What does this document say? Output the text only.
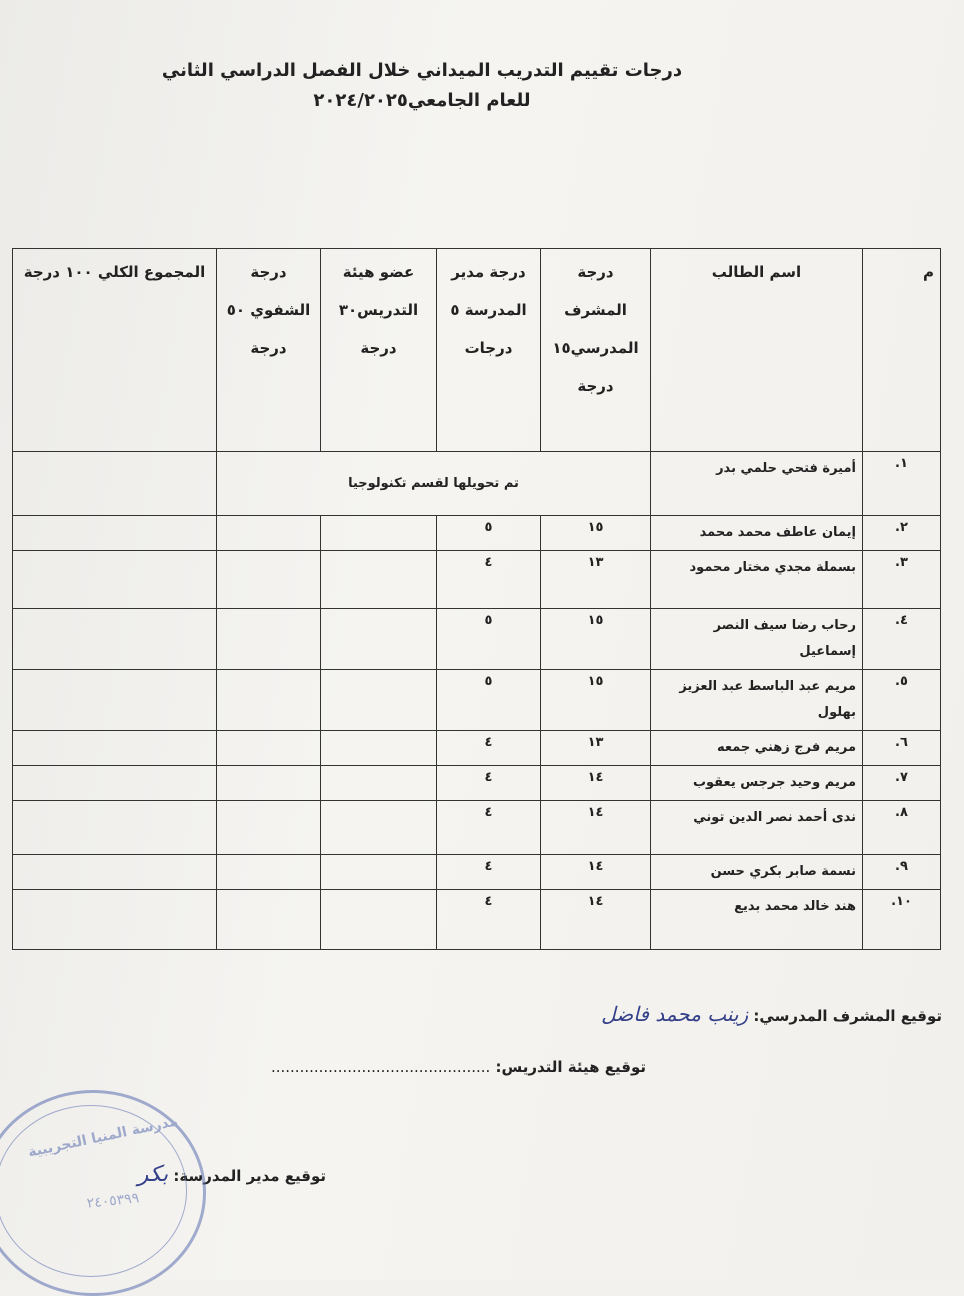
درجات تقييم التدريب الميداني خلال الفصل الدراسي الثاني
للعام الجامعي٢٠٢٤/٢٠٢٥
م	اسم الطالب	درجة المشرف المدرسي١٥ درجة	درجة مدير المدرسة ٥ درجات	عضو هيئة التدريس٣٠ درجة	درجة الشفوي ٥٠ درجة	المجموع الكلي ١٠٠ درجة
١.	أميرة فتحي حلمي بدر	تم تحويلها لقسم تكنولوجيا				
٢.	إيمان عاطف محمد محمد	١٥	٥			
٣.	بسملة مجدي مختار محمود	١٣	٤			
٤.	رحاب رضا سيف النصر إسماعيل	١٥	٥			
٥.	مريم عبد الباسط عبد العزيز بهلول	١٥	٥			
٦.	مريم فرج زهني جمعه	١٣	٤			
٧.	مريم وحيد جرجس يعقوب	١٤	٤			
٨.	ندى أحمد نصر الدين توني	١٤	٤			
٩.	نسمة صابر بكري حسن	١٤	٤			
١٠.	هند خالد محمد بديع	١٤	٤			
توقيع المشرف المدرسي: زينب محمد فاضل
توقيع هيئة التدريس: ..............................................
توقيع مدير المدرسة: بكر
مدرسة المنيا التجريبية
٢٤٠٥٣٩٩
